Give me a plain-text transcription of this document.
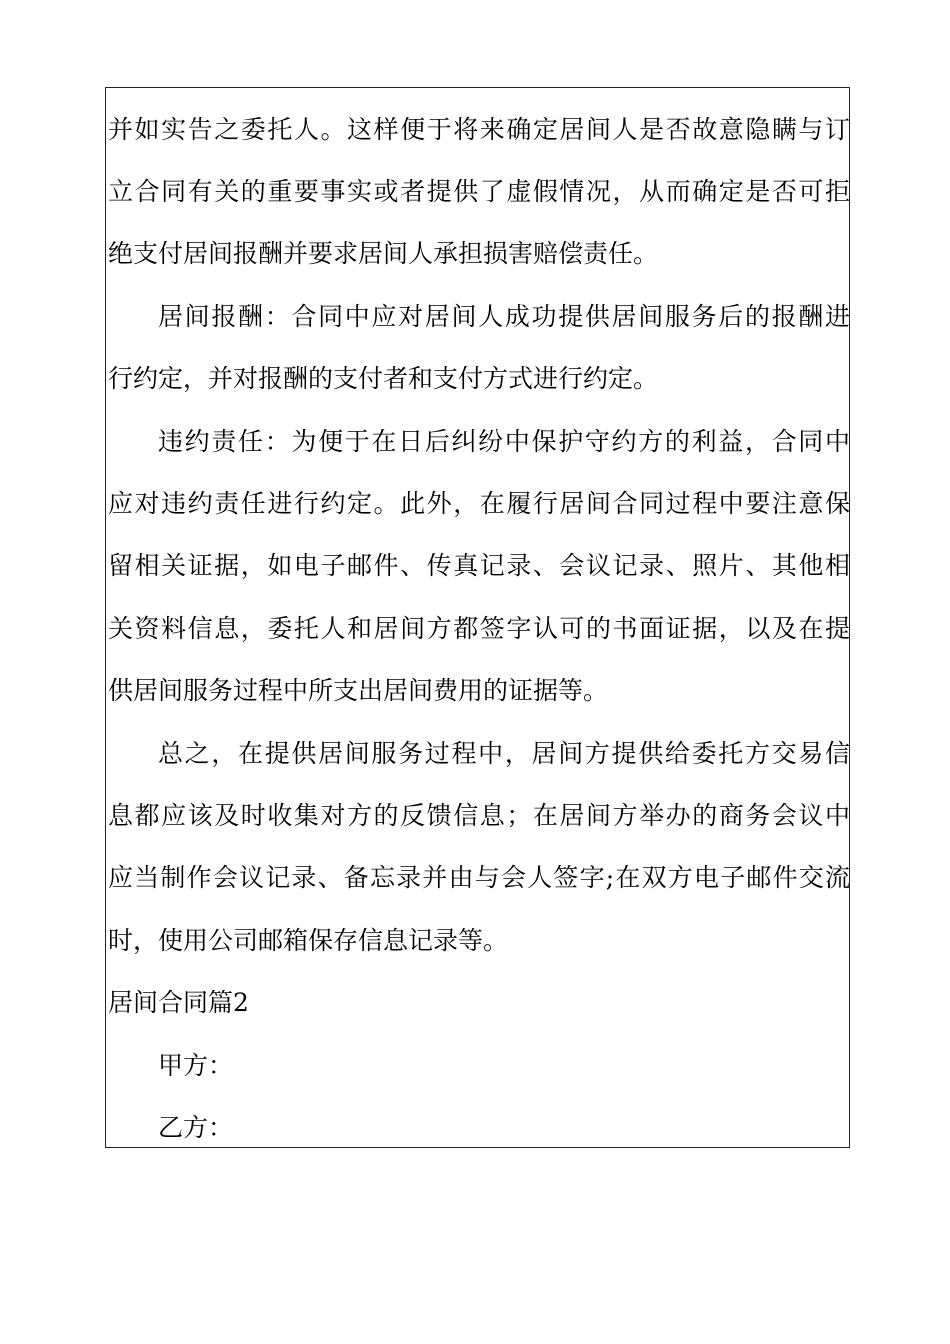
并如实告之委托人。这样便于将来确定居间人是否故意隐瞒与订
立合同有关的重要事实或者提供了虚假情况，从而确定是否可拒
绝支付居间报酬并要求居间人承担损害赔偿责任。
居间报酬：合同中应对居间人成功提供居间服务后的报酬进
行约定，并对报酬的支付者和支付方式进行约定。
违约责任：为便于在日后纠纷中保护守约方的利益，合同中
应对违约责任进行约定。此外，在履行居间合同过程中要注意保
留相关证据，如电子邮件、传真记录、会议记录、照片、其他相
关资料信息，委托人和居间方都签字认可的书面证据，以及在提
供居间服务过程中所支出居间费用的证据等。
总之，在提供居间服务过程中，居间方提供给委托方交易信
息都应该及时收集对方的反馈信息；在居间方举办的商务会议中
应当制作会议记录、备忘录并由与会人签字;在双方电子邮件交流
时，使用公司邮箱保存信息记录等。
居间合同篇2
甲方：
乙方：
